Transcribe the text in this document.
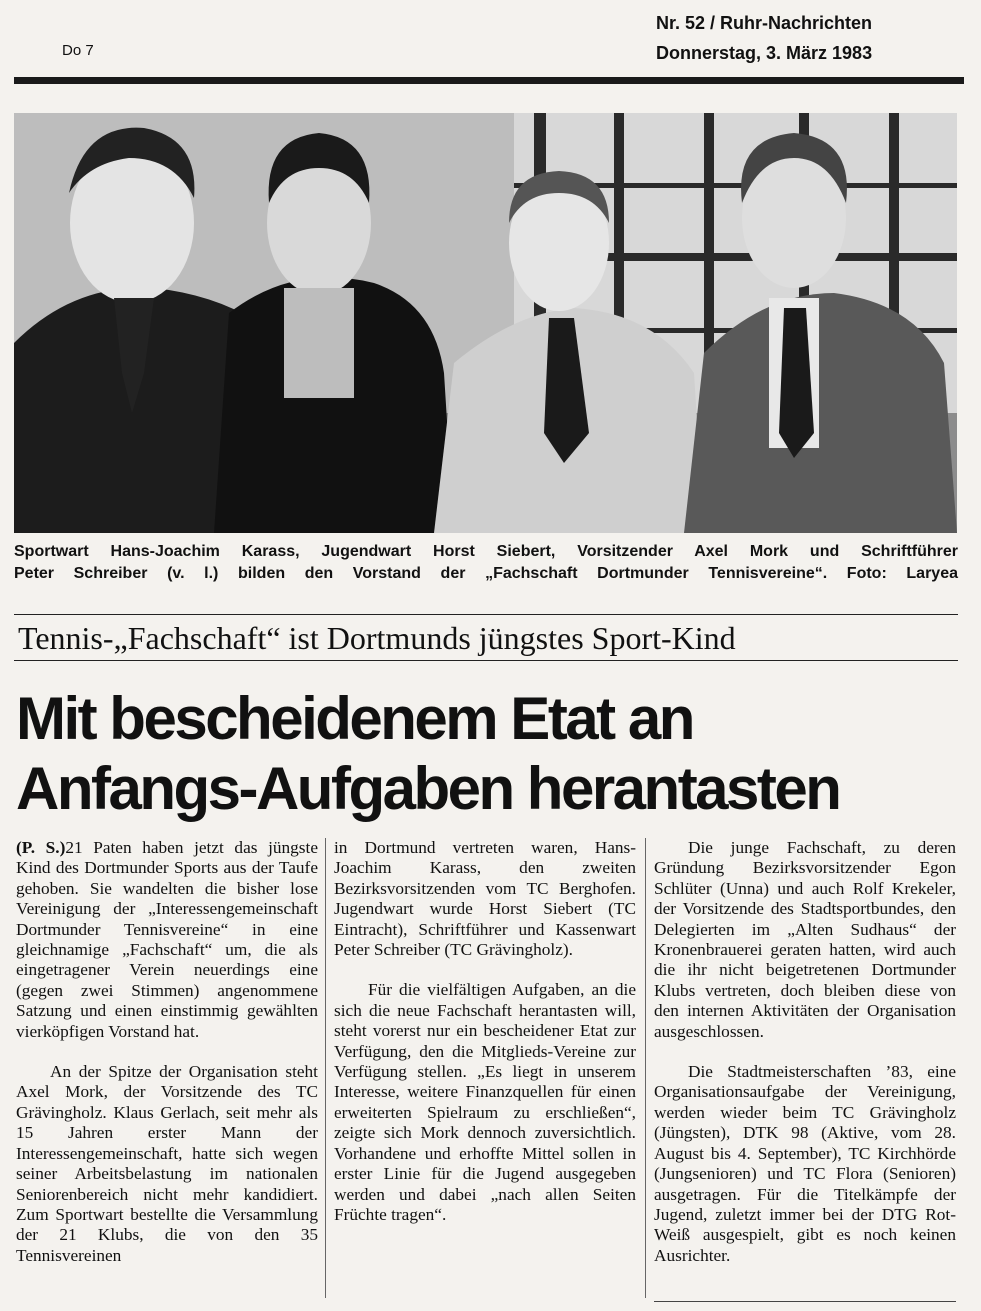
Do 7
Nr. 52 / Ruhr-Nachrichten
Donnerstag, 3. März 1983
Sportwart Hans-Joachim Karass, Jugendwart Horst Siebert, Vorsitzender Axel Mork und Schriftführer
Peter Schreiber (v. l.) bilden den Vorstand der „Fachschaft Dortmunder Tennisvereine“. Foto: Laryea
Tennis-„Fachschaft“ ist Dortmunds jüngstes Sport-Kind
Mit bescheidenem Etat an
Anfangs-Aufgaben herantasten

(P. S.)21 Paten haben jetzt das jüngste Kind des Dortmunder Sports aus der Taufe gehoben. Sie wandelten die bisher lose Vereinigung der „Interessengemeinschaft Dortmunder Tennisvereine“ in eine gleichnamige „Fachschaft“ um, die als eingetragener Verein neuerdings eine (gegen zwei Stimmen) angenommene Satzung und einen einstimmig gewählten vierköpfigen Vorstand hat.

An der Spitze der Organisation steht Axel Mork, der Vorsitzende des TC Grävingholz. Klaus Gerlach, seit mehr als 15 Jahren erster Mann der Interessengemeinschaft, hatte sich wegen seiner Arbeitsbelastung im nationalen Seniorenbereich nicht mehr kandidiert. Zum Sportwart bestellte die Versammlung der 21 Klubs, die von den 35 Tennisvereinen

in Dortmund vertreten waren, Hans-Joachim Karass, den zweiten Bezirksvorsitzenden vom TC Berghofen. Jugendwart wurde Horst Siebert (TC Eintracht), Schriftführer und Kassenwart Peter Schreiber (TC Grävingholz).

Für die vielfältigen Aufgaben, an die sich die neue Fachschaft herantasten will, steht vorerst nur ein bescheidener Etat zur Verfügung, den die Mitglieds-Vereine zur Verfügung stellen. „Es liegt in unserem Interesse, weitere Finanzquellen für einen erweiterten Spielraum zu erschließen“, zeigte sich Mork dennoch zuversichtlich. Vorhandene und erhoffte Mittel sollen in erster Linie für die Jugend ausgegeben werden und dabei „nach allen Seiten Früchte tragen“.

Die junge Fachschaft, zu deren Gründung Bezirksvorsitzender Egon Schlüter (Unna) und auch Rolf Krekeler, der Vorsitzende des Stadtsportbundes, den Delegierten im „Alten Sudhaus“ der Kronenbrauerei geraten hatten, wird auch die ihr nicht beigetretenen Dortmunder Klubs vertreten, doch bleiben diese von den internen Aktivitäten der Organisation ausgeschlossen.

Die Stadtmeisterschaften ’83, eine Organisationsaufgabe der Vereinigung, werden wieder beim TC Grävingholz (Jüngsten), DTK 98 (Aktive, vom 28. August bis 4. September), TC Kirchhörde (Jungsenioren) und TC Flora (Senioren) ausgetragen. Für die Titelkämpfe der Jugend, zuletzt immer bei der DTG Rot-Weiß ausgespielt, gibt es noch keinen Ausrichter.
